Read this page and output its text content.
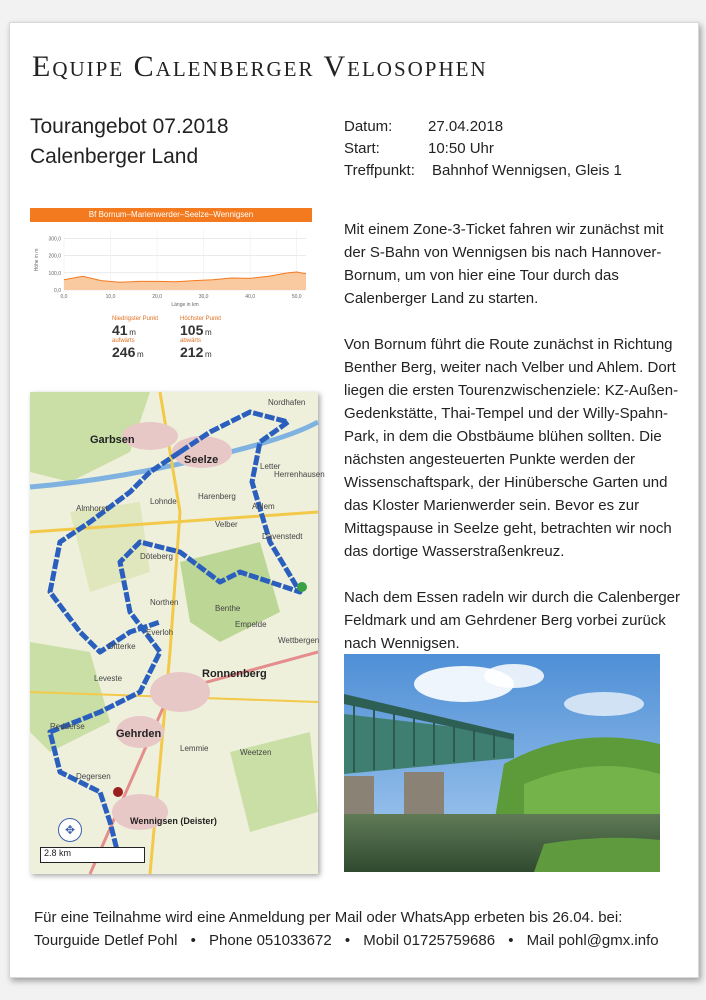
Equipe Calenberger Velosophen
Tourangebot 07.2018
Calenberger Land
Datum:	27.04.2018
Start:	10:50 Uhr
Treffpunkt:	Bahnhof Wennigsen, Gleis 1
Bf Bornum–Marienwerder–Seelze–Wennigsen
300,0
200,0
100,0
0,0
0,0	10,0	20,0	30,0	40,0	50,0
Länge in km
Höhe in m
Niedrigster Punkt
41 m
Höchster Punkt
105 m
aufwärts
246 m
abwärts
212 m
Garbsen
Seelze
Ahlem
Davenstedt
Velber
Harenberg
Lohnde
Almhorst
Döteberg
Letter
Northen
Everloh
Empelde
Benthe
Ditterke
Ronnenberg
Gehrden
Redderse
Lemmie	Weetzen
Wennigsen (Deister)
Degersen
Nordhafen
Herrenhausen
Wettbergen
Leveste
✥
2.8 km

Mit einem Zone-3-Ticket fahren wir zunächst mit der S-Bahn von Wennigsen bis nach Hannover-Bornum, um von hier eine Tour durch das Calenberger Land zu starten.

Von Bornum führt die Route zunächst in Richtung Benther Berg, weiter nach Velber und Ahlem. Dort liegen die ersten Tourenzwischenziele: KZ-Außen-Gedenkstätte, Thai-Tempel und der Willy-Spahn-Park, in dem die Obstbäume blühen sollten. Die nächsten angesteuerten Punkte werden der Wissenschaftspark, der Hinübersche Garten und das Kloster Marienwerder sein. Bevor es zur Mittagspause in Seelze geht, betrachten wir noch das dortige Wasserstraßenkreuz.

Nach dem Essen radeln wir durch die Calenberger Feldmark und am Gehrdener Berg vorbei zurück nach Wennigsen.

Für eine Teilnahme wird eine Anmeldung per Mail oder WhatsApp erbeten bis 26.04. bei:
Tourguide Detlef Pohl • Phone 051033672 • Mobil 01725759686 • Mail pohl@gmx.info
